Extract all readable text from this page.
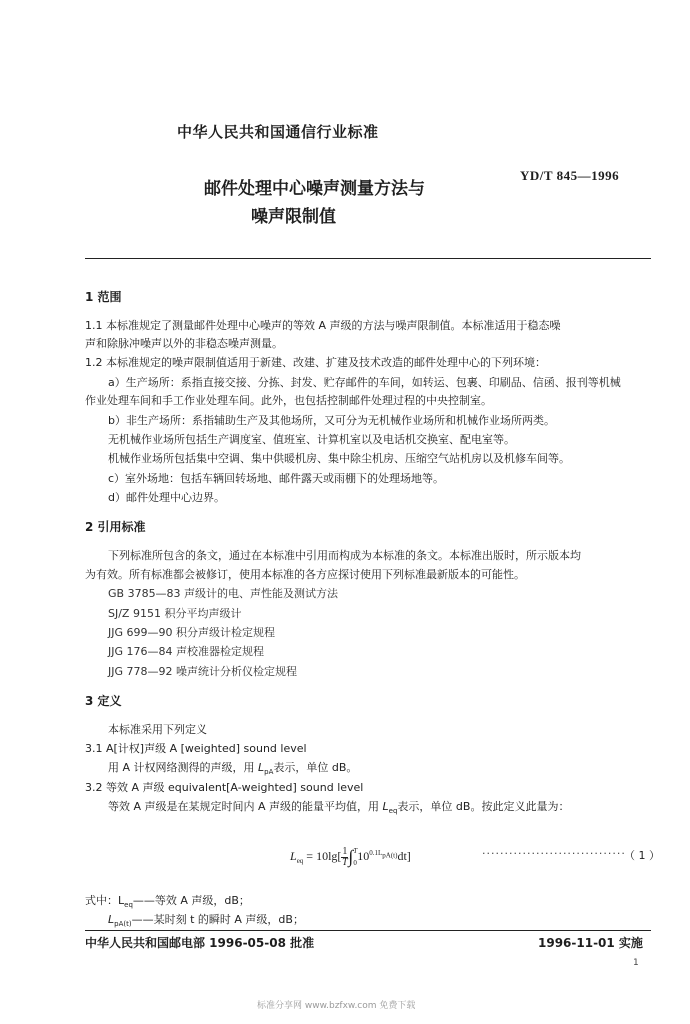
中华人民共和国通信行业标准
邮件处理中心噪声测量方法与
噪声限制值
YD/T 845—1996
1 范围
1.1 本标准规定了测量邮件处理中心噪声的等效 A 声级的方法与噪声限制值。本标准适用于稳态噪
声和除脉冲噪声以外的非稳态噪声测量。
1.2 本标准规定的噪声限制值适用于新建、改建、扩建及技术改造的邮件处理中心的下列环境：
a）生产场所：系指直接交接、分拣、封发、贮存邮件的车间，如转运、包裹、印刷品、信函、报刊等机械
作业处理车间和手工作业处理车间。此外，也包括控制邮件处理过程的中央控制室。
b）非生产场所：系指辅助生产及其他场所，又可分为无机械作业场所和机械作业场所两类。
无机械作业场所包括生产调度室、值班室、计算机室以及电话机交换室、配电室等。
机械作业场所包括集中空调、集中供暖机房、集中除尘机房、压缩空气站机房以及机修车间等。
c）室外场地：包括车辆回转场地、邮件露天或雨棚下的处理场地等。
d）邮件处理中心边界。
2 引用标准
下列标准所包含的条文，通过在本标准中引用而构成为本标准的条文。本标准出版时，所示版本均
为有效。所有标准都会被修订，使用本标准的各方应探讨使用下列标准最新版本的可能性。
GB 3785—83 声级计的电、声性能及测试方法
SJ/Z 9151 积分平均声级计
JJG 699—90 积分声级计检定规程
JJG 176—84 声校准器检定规程
JJG 778—92 噪声统计分析仪检定规程
3 定义
本标准采用下列定义
3.1 A[计权]声级 A [weighted] sound level
用 A 计权网络测得的声级，用 $L_{pA}$表示，单位 dB。
3.2 等效 A 声级 equivalent[A-weighted] sound level
等效 A 声级是在某规定时间内 A 声级的能量平均值，用 $L_{eq}$表示，单位 dB。按此定义此量为：
$L_{eq} = 10\lg[ \frac{1}{T}$ ∫ T
0
$10^{0.1LpA(t)}dt$]	································
（ 1 ）
式中：$L_{eq}——$等效 A 声级，dB；
$L_{pA(t)}——$某时刻 t 的瞬时 A 声级，dB；
中华人民共和国邮电部 1996-05-08 批准	1996-11-01 实施
1
标准分享网 www.bzfxw.com 免费下载
